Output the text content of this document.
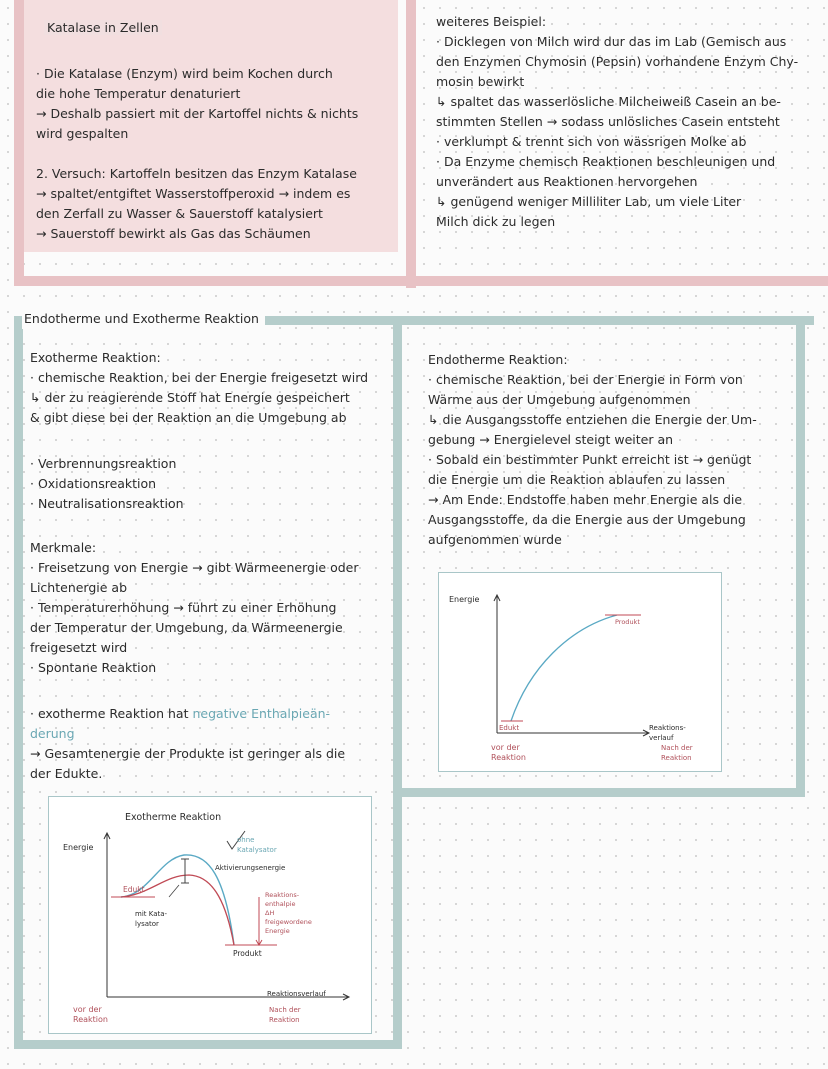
Katalase in Zellen
· Die Katalase (Enzym) wird beim Kochen durch
die hohe Temperatur denaturiert
→ Deshalb passiert mit der Kartoffel nichts & nichts
wird gespalten
2. Versuch: Kartoffeln besitzen das Enzym Katalase
→ spaltet/entgiftet Wasserstoffperoxid → indem es
den Zerfall zu Wasser & Sauerstoff katalysiert
→ Sauerstoff bewirkt als Gas das Schäumen
weiteres Beispiel:
· Dicklegen von Milch wird dur das im Lab (Gemisch aus
den Enzymen Chymosin (Pepsin) vorhandene Enzym Chy-
mosin bewirkt
↳ spaltet das wasserlösliche Milcheiweiß Casein an be-
stimmten Stellen → sodass unlösliches Casein entsteht
· verklumpt & trennt sich von wässrigen Molke ab
· Da Enzyme chemisch Reaktionen beschleunigen und
unverändert aus Reaktionen hervorgehen
↳ genügend weniger Milliliter Lab, um viele Liter
Milch dick zu legen
Endotherme und Exotherme Reaktion
Exotherme Reaktion:
· chemische Reaktion, bei der Energie freigesetzt wird
↳ der zu reagierende Stoff hat Energie gespeichert
& gibt diese bei der Reaktion an die Umgebung ab
· Verbrennungsreaktion
· Oxidationsreaktion
· Neutralisationsreaktion
Merkmale:
· Freisetzung von Energie → gibt Wärmeenergie oder
Lichtenergie ab
· Temperaturerhöhung → führt zu einer Erhöhung
der Temperatur der Umgebung, da Wärmeenergie
freigesetzt wird
· Spontane Reaktion
· exotherme Reaktion hat negative Enthalpieän-
derung
→ Gesamtenergie der Produkte ist geringer als die
der Edukte.
Endotherme Reaktion:
· chemische Reaktion, bei der Energie in Form von
Wärme aus der Umgebung aufgenommen
↳ die Ausgangsstoffe entziehen die Energie der Um-
gebung → Energielevel steigt weiter an
· Sobald ein bestimmter Punkt erreicht ist → genügt
die Energie um die Reaktion ablaufen zu lassen
→ Am Ende: Endstoffe haben mehr Energie als die
Ausgangsstoffe, da die Energie aus der Umgebung
aufgenommen wurde
Energie
Produkt
Edukt
vor der
Reaktion
Reaktions-
verlauf
Nach der
Reaktion
Exotherme Reaktion
Energie
ohne
Katalysator
Aktivierungsenergie
Edukt
mit Kata-
lysator
Reaktions-
enthalpie
ΔH
freigewordene
Energie
Produkt
Reaktionsverlauf
vor der
Reaktion
Nach der
Reaktion
